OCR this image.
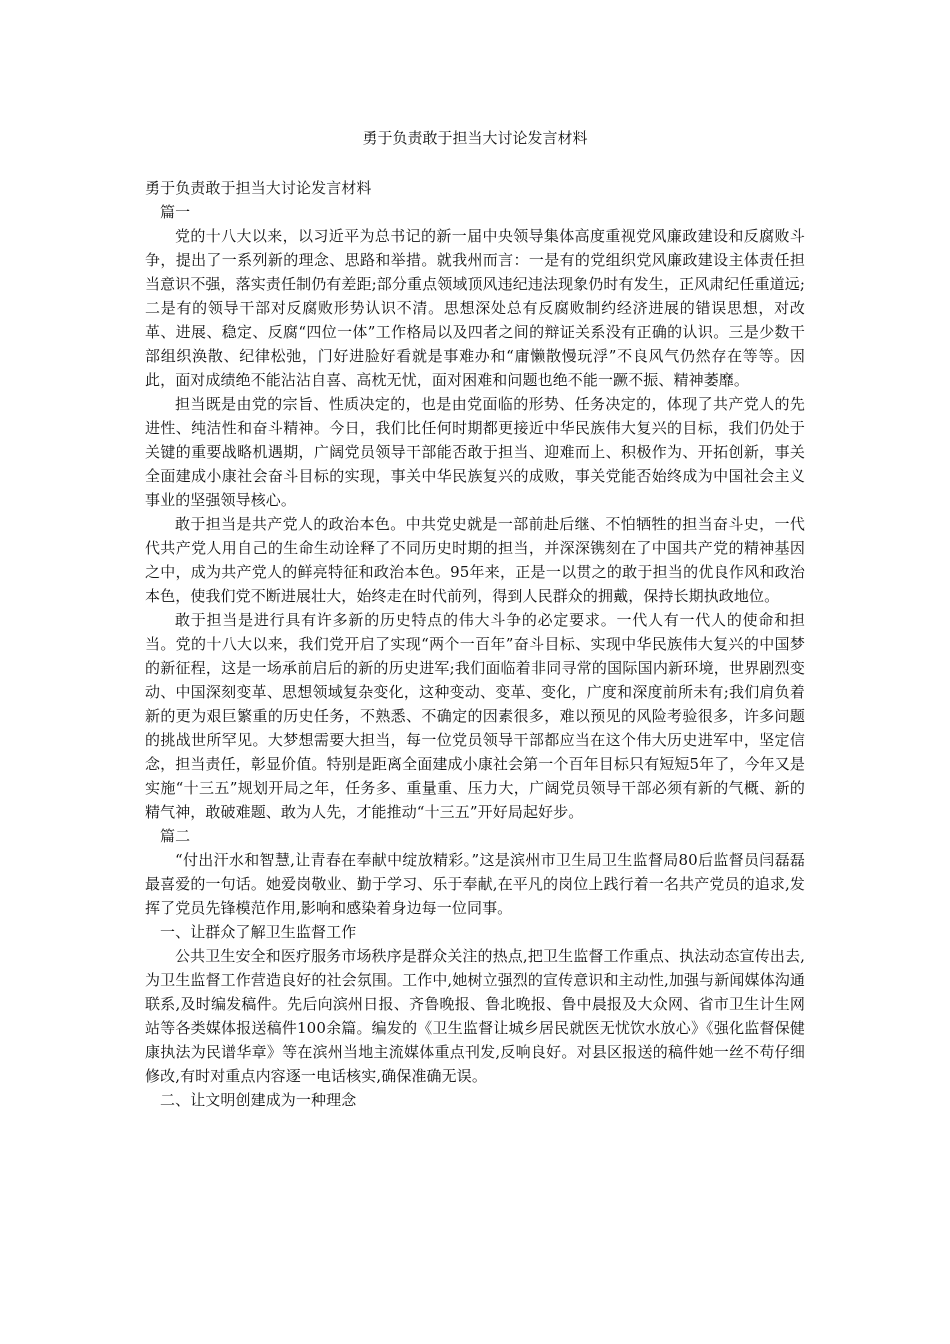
勇于负责敢于担当大讨论发言材料

勇于负责敢于担当大讨论发言材料

篇一

党的十八大以来，以习近平为总书记的新一届中央领导集体高度重视党风廉政建设和反腐败斗争，提出了一系列新的理念、思路和举措。就我州而言：一是有的党组织党风廉政建设主体责任担当意识不强，落实责任制仍有差距;部分重点领域顶风违纪违法现象仍时有发生，正风肃纪任重道远;二是有的领导干部对反腐败形势认识不清。思想深处总有反腐败制约经济进展的错误思想，对改革、进展、稳定、反腐“四位一体”工作格局以及四者之间的辩证关系没有正确的认识。三是少数干部组织涣散、纪律松弛，门好进脸好看就是事难办和“庸懒散慢玩浮”不良风气仍然存在等等。因此，面对成绩绝不能沾沾自喜、高枕无忧，面对困难和问题也绝不能一蹶不振、精神萎靡。

担当既是由党的宗旨、性质决定的，也是由党面临的形势、任务决定的，体现了共产党人的先进性、纯洁性和奋斗精神。今日，我们比任何时期都更接近中华民族伟大复兴的目标，我们仍处于关键的重要战略机遇期，广阔党员领导干部能否敢于担当、迎难而上、积极作为、开拓创新，事关全面建成小康社会奋斗目标的实现，事关中华民族复兴的成败，事关党能否始终成为中国社会主义事业的坚强领导核心。

敢于担当是共产党人的政治本色。中共党史就是一部前赴后继、不怕牺牲的担当奋斗史，一代代共产党人用自己的生命生动诠释了不同历史时期的担当，并深深镌刻在了中国共产党的精神基因之中，成为共产党人的鲜亮特征和政治本色。95年来，正是一以贯之的敢于担当的优良作风和政治本色，使我们党不断进展壮大，始终走在时代前列，得到人民群众的拥戴，保持长期执政地位。

敢于担当是进行具有许多新的历史特点的伟大斗争的必定要求。一代人有一代人的使命和担当。党的十八大以来，我们党开启了实现“两个一百年”奋斗目标、实现中华民族伟大复兴的中国梦的新征程，这是一场承前启后的新的历史进军;我们面临着非同寻常的国际国内新环境，世界剧烈变动、中国深刻变革、思想领域复杂变化，这种变动、变革、变化，广度和深度前所未有;我们肩负着新的更为艰巨繁重的历史任务，不熟悉、不确定的因素很多，难以预见的风险考验很多，许多问题的挑战世所罕见。大梦想需要大担当，每一位党员领导干部都应当在这个伟大历史进军中，坚定信念，担当责任，彰显价值。特别是距离全面建成小康社会第一个百年目标只有短短5年了，今年又是实施“十三五”规划开局之年，任务多、重量重、压力大，广阔党员领导干部必须有新的气概、新的精气神，敢破难题、敢为人先，才能推动“十三五”开好局起好步。

篇二

“付出汗水和智慧,让青春在奉献中绽放精彩。”这是滨州市卫生局卫生监督局80后监督员闫磊磊最喜爱的一句话。她爱岗敬业、勤于学习、乐于奉献,在平凡的岗位上践行着一名共产党员的追求,发挥了党员先锋模范作用,影响和感染着身边每一位同事。

一、让群众了解卫生监督工作

公共卫生安全和医疗服务市场秩序是群众关注的热点,把卫生监督工作重点、执法动态宣传出去,为卫生监督工作营造良好的社会氛围。工作中,她树立强烈的宣传意识和主动性,加强与新闻媒体沟通联系,及时编发稿件。先后向滨州日报、齐鲁晚报、鲁北晚报、鲁中晨报及大众网、省市卫生计生网站等各类媒体报送稿件100余篇。编发的《卫生监督让城乡居民就医无忧饮水放心》《强化监督保健康执法为民谱华章》等在滨州当地主流媒体重点刊发,反响良好。对县区报送的稿件她一丝不苟仔细修改,有时对重点内容逐一电话核实,确保准确无误。

二、让文明创建成为一种理念
